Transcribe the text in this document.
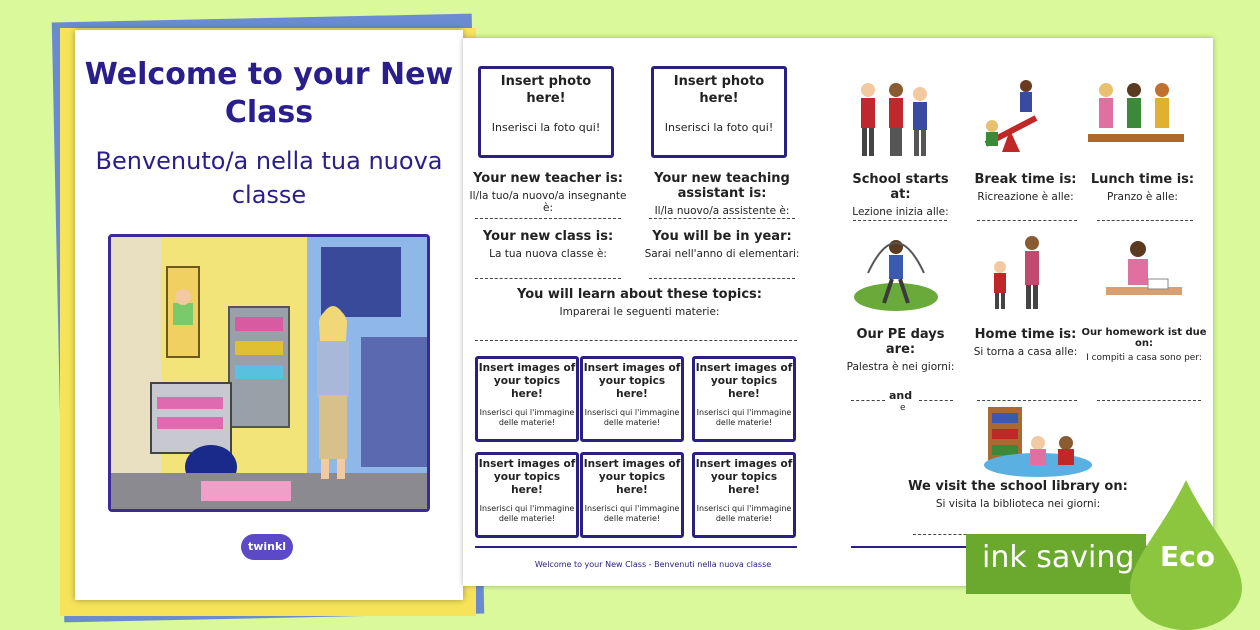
Welcome to your New Class
Benvenuto/a nella tua nuova classe
twinkl
Insert photo here!
Inserisci la foto qui!
Insert photo here!
Inserisci la foto qui!
Your new teacher is:
Il/la tuo/a nuovo/a insegnante è:
Your new teaching assistant is:
Il/la nuovo/a assistente è:
Your new class is:
La tua nuova classe è:
You will be in year:
Sarai nell'anno di elementari:
You will learn about these topics:
Imparerai le seguenti materie:
Insert images of your topics here!
Inserisci qui l'immagine delle materie!
Insert images of your topics here!
Inserisci qui l'immagine delle materie!
Insert images of your topics here!
Inserisci qui l'immagine delle materie!
Insert images of your topics here!
Inserisci qui l'immagine delle materie!
Insert images of your topics here!
Inserisci qui l'immagine delle materie!
Insert images of your topics here!
Inserisci qui l'immagine delle materie!
Welcome to your New Class - Benvenuti nella nuova classe
School starts at:
Lezione inizia alle:
Break time is:
Ricreazione è alle:
Lunch time is:
Pranzo è alle:
Our PE days are:
Palestra è nei giorni:
Home time is:
Si torna a casa alle:
Our homework ist due on:
I compiti a casa sono per:
and
e
We visit the school library on:
Si visita la biblioteca nei giorni:
ink saving Eco
